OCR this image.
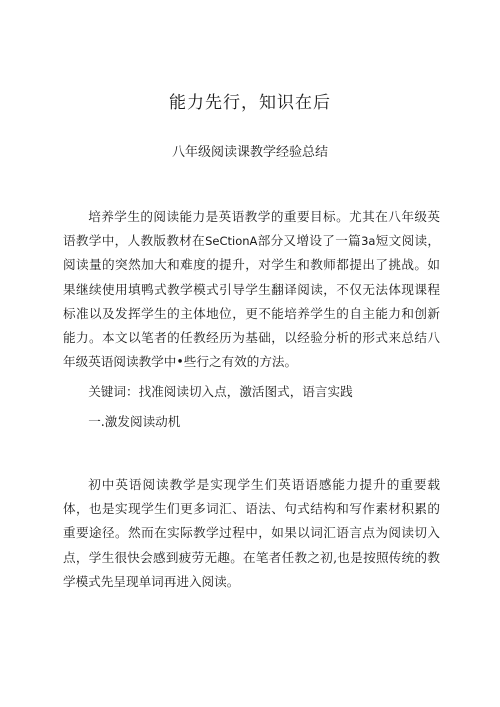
能力先行，知识在后
八年级阅读课教学经验总结

培养学生的阅读能力是英语教学的重要目标。尤其在八年级英语教学中，人教版教材在SeCtionA部分又增设了一篇3a短文阅读，阅读量的突然加大和难度的提升，对学生和教师都提出了挑战。如果继续使用填鸭式教学模式引导学生翻译阅读，不仅无法体现课程标准以及发挥学生的主体地位，更不能培养学生的自主能力和创新能力。本文以笔者的任教经历为基础，以经验分析的形式来总结八年级英语阅读教学中•些行之有效的方法。

关键词：找准阅读切入点，激活图式，语言实践

一.激发阅读动机

初中英语阅读教学是实现学生们英语语感能力提升的重要载体，也是实现学生们更多词汇、语法、句式结构和写作素材积累的重要途径。然而在实际教学过程中，如果以词汇语言点为阅读切入点，学生很快会感到疲劳无趣。在笔者任教之初,也是按照传统的教学模式先呈现单词再进入阅读。
